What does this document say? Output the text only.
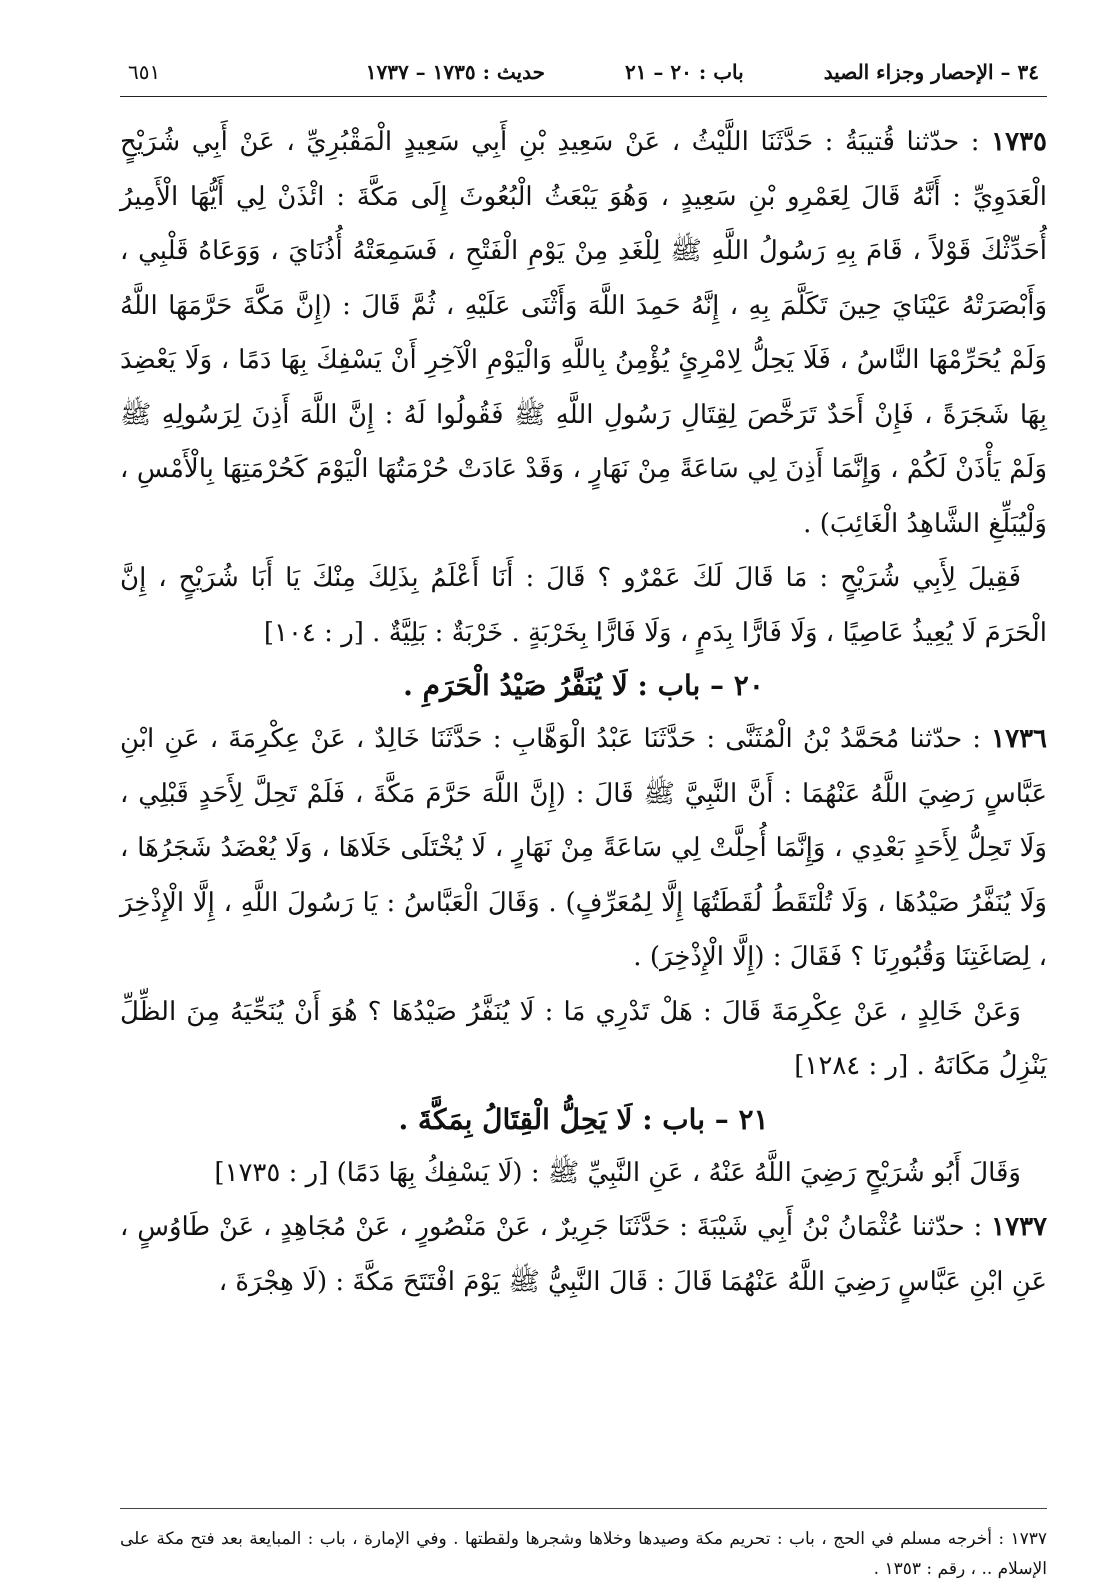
٣٤ – الإحصار وجزاء الصيد
باب : ٢٠ – ٢١
حديث : ١٧٣٥ – ١٧٣٧
٦٥١

١٧٣٥ : حدّثنا قُتيبَةُ : حَدَّثَنَا اللَّيْثُ ، عَنْ سَعِيدِ بْنِ أَبِي سَعِيدٍ الْمَقْبُرِيِّ ، عَنْ أَبِي شُرَيْحٍ الْعَدَوِيِّ : أَنَّهُ قَالَ لِعَمْرِو بْنِ سَعِيدٍ ، وَهُوَ يَبْعَثُ الْبُعُوثَ إِلَى مَكَّةَ : ائْذَنْ لِي أَيُّهَا الْأَمِيرُ أُحَدِّثْكَ قَوْلاً ، قَامَ بِهِ رَسُولُ اللَّهِ ﷺ لِلْغَدِ مِنْ يَوْمِ الْفَتْحِ ، فَسَمِعَتْهُ أُذُنَايَ ، وَوَعَاهُ قَلْبِي ، وَأَبْصَرَتْهُ عَيْنَايَ حِينَ تَكَلَّمَ بِهِ ، إِنَّهُ حَمِدَ اللَّهَ وَأَثْنَى عَلَيْهِ ، ثُمَّ قَالَ : (إِنَّ مَكَّةَ حَرَّمَهَا اللَّهُ وَلَمْ يُحَرِّمْهَا النَّاسُ ، فَلَا يَحِلُّ لِامْرِئٍ يُؤْمِنُ بِاللَّهِ وَالْيَوْمِ الْآخِرِ أَنْ يَسْفِكَ بِهَا دَمًا ، وَلَا يَعْضِدَ بِهَا شَجَرَةً ، فَإِنْ أَحَدٌ تَرَخَّصَ لِقِتَالِ رَسُولِ اللَّهِ ﷺ فَقُولُوا لَهُ : إِنَّ اللَّهَ أَذِنَ لِرَسُولِهِ ﷺ وَلَمْ يَأْذَنْ لَكُمْ ، وَإِنَّمَا أَذِنَ لِي سَاعَةً مِنْ نَهَارٍ ، وَقَدْ عَادَتْ حُرْمَتُهَا الْيَوْمَ كَحُرْمَتِهَا بِالْأَمْسِ ، وَلْيُبَلِّغِ الشَّاهِدُ الْغَائِبَ) .

فَقِيلَ لِأَبِي شُرَيْحٍ : مَا قَالَ لَكَ عَمْرٌو ؟ قَالَ : أَنَا أَعْلَمُ بِذَلِكَ مِنْكَ يَا أَبَا شُرَيْحٍ ، إِنَّ الْحَرَمَ لَا يُعِيذُ عَاصِيًا ، وَلَا فَارًّا بِدَمٍ ، وَلَا فَارًّا بِخَرْبَةٍ . خَرْبَةٌ : بَلِيَّةٌ . [ر : ١٠٤]

٢٠ – باب : لَا يُنَفَّرُ صَيْدُ الْحَرَمِ .

١٧٣٦ : حدّثنا مُحَمَّدُ بْنُ الْمُثَنَّى : حَدَّثَنَا عَبْدُ الْوَهَّابِ : حَدَّثَنَا خَالِدٌ ، عَنْ عِكْرِمَةَ ، عَنِ ابْنِ عَبَّاسٍ رَضِيَ اللَّهُ عَنْهُمَا : أَنَّ النَّبِيَّ ﷺ قَالَ : (إِنَّ اللَّهَ حَرَّمَ مَكَّةَ ، فَلَمْ تَحِلَّ لِأَحَدٍ قَبْلِي ، وَلَا تَحِلُّ لِأَحَدٍ بَعْدِي ، وَإِنَّمَا أُحِلَّتْ لِي سَاعَةً مِنْ نَهَارٍ ، لَا يُخْتَلَى خَلَاهَا ، وَلَا يُعْضَدُ شَجَرُهَا ، وَلَا يُنَفَّرُ صَيْدُهَا ، وَلَا تُلْتَقَطُ لُقَطَتُهَا إِلَّا لِمُعَرِّفٍ) . وَقَالَ الْعَبَّاسُ : يَا رَسُولَ اللَّهِ ، إِلَّا الْإِذْخِرَ ، لِصَاغَتِنَا وَقُبُورِنَا ؟ فَقَالَ : (إِلَّا الْإِذْخِرَ) .

وَعَنْ خَالِدٍ ، عَنْ عِكْرِمَةَ قَالَ : هَلْ تَدْرِي مَا : لَا يُنَفَّرُ صَيْدُهَا ؟ هُوَ أَنْ يُنَحِّيَهُ مِنَ الظِّلِّ يَنْزِلُ مَكَانَهُ . [ر : ١٢٨٤]

٢١ – باب : لَا يَحِلُّ الْقِتَالُ بِمَكَّةَ .

وَقَالَ أَبُو شُرَيْحٍ رَضِيَ اللَّهُ عَنْهُ ، عَنِ النَّبِيِّ ﷺ : (لَا يَسْفِكُ بِهَا دَمًا) [ر : ١٧٣٥]

١٧٣٧ : حدّثنا عُثْمَانُ بْنُ أَبِي شَيْبَةَ : حَدَّثَنَا جَرِيرٌ ، عَنْ مَنْصُورٍ ، عَنْ مُجَاهِدٍ ، عَنْ طَاوُسٍ ، عَنِ ابْنِ عَبَّاسٍ رَضِيَ اللَّهُ عَنْهُمَا قَالَ : قَالَ النَّبِيُّ ﷺ يَوْمَ افْتَتَحَ مَكَّةَ : (لَا هِجْرَةَ ،

١٧٣٧ : أخرجه مسلم في الحج ، باب : تحريم مكة وصيدها وخلاها وشجرها ولقطتها . وفي الإمارة ، باب : المبايعة بعد فتح مكة على الإسلام .. ، رقم : ١٣٥٣ .
